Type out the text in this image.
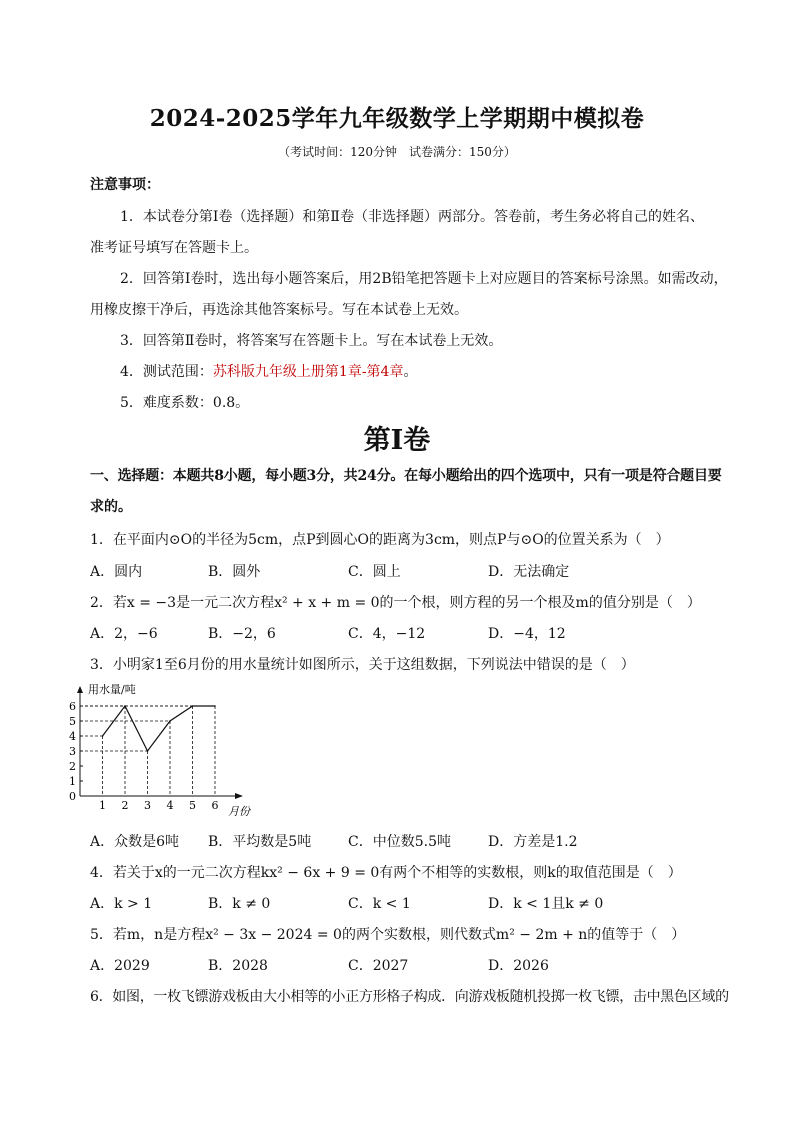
2024-2025学年九年级数学上学期期中模拟卷
（考试时间：120分钟　试卷满分：150分）
注意事项：
1．本试卷分第Ⅰ卷（选择题）和第Ⅱ卷（非选择题）两部分。答卷前，考生务必将自己的姓名、
准考证号填写在答题卡上。
2．回答第Ⅰ卷时，选出每小题答案后，用2B铅笔把答题卡上对应题目的答案标号涂黑。如需改动，
用橡皮擦干净后，再选涂其他答案标号。写在本试卷上无效。
3．回答第Ⅱ卷时，将答案写在答题卡上。写在本试卷上无效。
4．测试范围：苏科版九年级上册第1章-第4章。
5．难度系数：0.8。
第Ⅰ卷
一、选择题：本题共8小题，每小题3分，共24分。在每小题给出的四个选项中，只有一项是符合题目要
求的。
1．在平面内⊙O的半径为5cm，点P到圆心O的距离为3cm，则点P与⊙O的位置关系为（　）
A．圆内	B．圆外	C．圆上	D．无法确定
2．若x = −3是一元二次方程x² + x + m = 0的一个根，则方程的另一个根及m的值分别是（　）
A．2，−6	B．−2，6	C．4，−12	D．−4，12
3．小明家1至6月份的用水量统计如图所示，关于这组数据，下列说法中错误的是（　）
0
1
2
3
4
5
6
1 2 3 4 5 6
用水量/吨
月份
A．众数是6吨 B．平均数是5吨	C．中位数5.5吨	D．方差是1.2
4．若关于x的一元二次方程kx² − 6x + 9 = 0有两个不相等的实数根，则k的取值范围是（　）
A．k > 1	B．k ≠ 0	C．k < 1	D．k < 1且k ≠ 0
5．若m，n是方程x² − 3x − 2024 = 0的两个实数根，则代数式m² − 2m + n的值等于（　）
A．2029	B．2028	C．2027	D．2026
6．如图，一枚飞镖游戏板由大小相等的小正方形格子构成．向游戏板随机投掷一枚飞镖，击中黑色区域的
